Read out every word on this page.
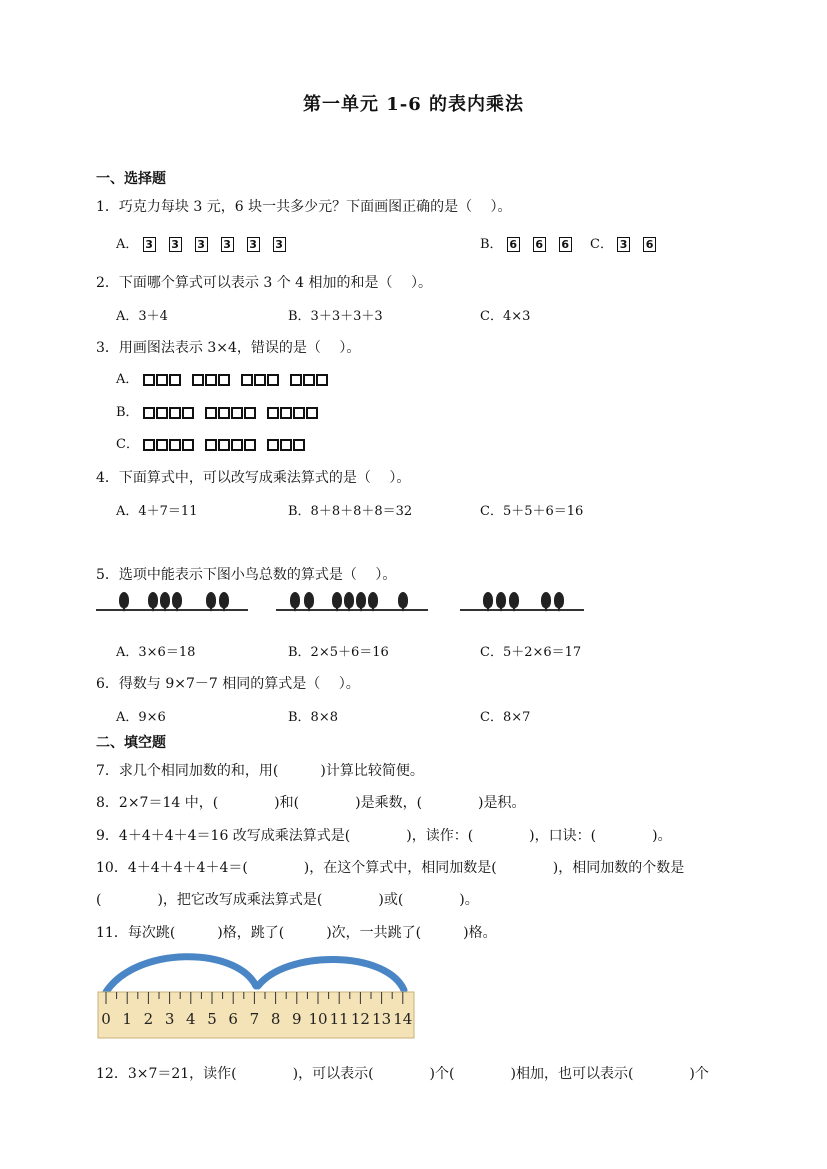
第一单元 1-6 的表内乘法
一、选择题
1．巧克力每块 3 元，6 块一共多少元？下面画图正确的是（　 ）。
A． 3 3 3 3 3 3	B． 6 6 6	C． 3 6
2．下面哪个算式可以表示 3 个 4 相加的和是（　 ）。
A．3＋4	B．3＋3＋3＋3	C．4×3
3．用画图法表示 3×4，错误的是（　 ）。
A．
B．
C．
4．下面算式中，可以改写成乘法算式的是（　 ）。
A．4＋7＝11	B．8＋8＋8＋8＝32	C．5＋5＋6＝16
5．选项中能表示下图小鸟总数的算式是（　 ）。
A．3×6＝18	B．2×5＋6＝16	C．5＋2×6＝17
6．得数与 9×7－7 相同的算式是（　 ）。
A．9×6	B．8×8	C．8×7
二、填空题
7．求几个相同加数的和，用(　　　)计算比较简便。
8．2×7＝14 中，(　　　　)和(　　　　)是乘数，(　　　　)是积。
9．4＋4＋4＋4＝16 改写成乘法算式是(　　　　)，读作：(　　　　)，口诀：(　　　　)。
10．4＋4＋4＋4＋4＝(　　　　)，在这个算式中，相同加数是(　　　　)，相同加数的个数是
(　　　　)，把它改写成乘法算式是(　　　　)或(　　　　)。
11．每次跳(　　　)格，跳了(　　　)次，一共跳了(　　　)格。
0 1 2 3 4 5 6 7 8 9 10 11 12 13 14
12．3×7＝21，读作(　　　　)，可以表示(　　　　)个(　　　　)相加，也可以表示(　　　　)个
